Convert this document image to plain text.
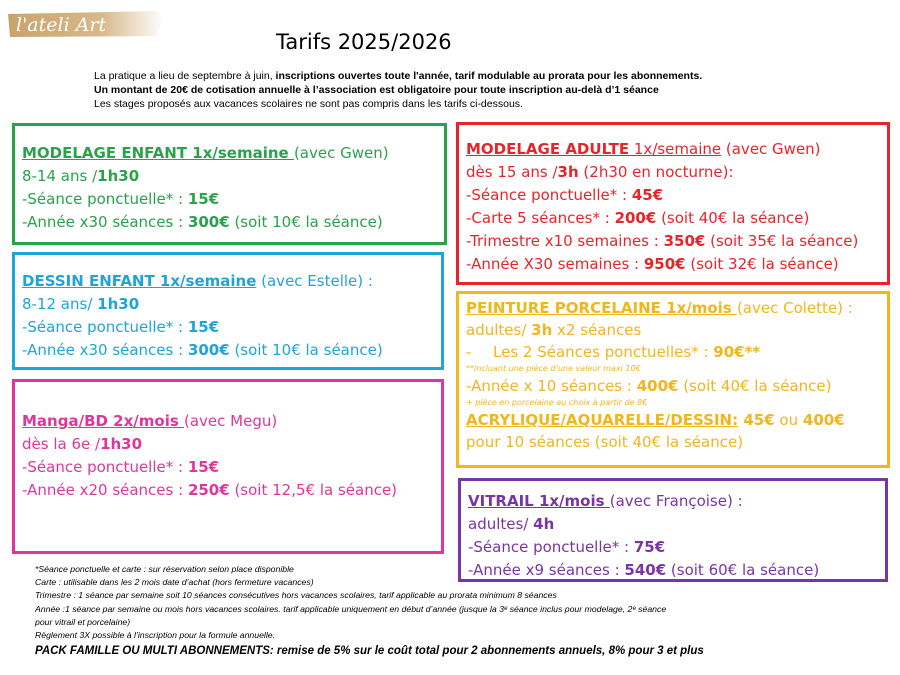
l'ateli Art
Tarifs 2025/2026
La pratique a lieu de septembre à juin, inscriptions ouvertes toute l'année, tarif modulable au prorata pour les abonnements.
Un montant de 20€ de cotisation annuelle à l’association est obligatoire pour toute inscription au-delà d’1 séance
Les stages proposés aux vacances scolaires ne sont pas compris dans les tarifs ci-dessous.
MODELAGE ENFANT 1x/semaine (avec Gwen)
8-14 ans /1h30
-Séance ponctuelle* : 15€
-Année x30 séances : 300€ (soit 10€ la séance)
DESSIN ENFANT 1x/semaine (avec Estelle) :
8-12 ans/ 1h30
-Séance ponctuelle* : 15€
-Année x30 séances : 300€ (soit 10€ la séance)
Manga/BD 2x/mois (avec Megu)
dès la 6e /1h30
-Séance ponctuelle* : 15€
-Année x20 séances : 250€ (soit 12,5€ la séance)
MODELAGE ADULTE 1x/semaine (avec Gwen)
dès 15 ans /3h (2h30 en nocturne):
-Séance ponctuelle* : 45€
-Carte 5 séances* : 200€ (soit 40€ la séance)
-Trimestre x10 semaines : 350€ (soit 35€ la séance)
-Année X30 semaines : 950€ (soit 32€ la séance)
PEINTURE PORCELAINE 1x/mois (avec Colette) :
adultes/ 3h x2 séances
- Les 2 Séances ponctuelles* : 90€**
**incluant une pièce d’une valeur maxi 10€
-Année x 10 séances : 400€ (soit 40€ la séance)
+ pièce en porcelaine au choix à partir de 8€
ACRYLIQUE/AQUARELLE/DESSIN: 45€ ou 400€
pour 10 séances (soit 40€ la séance)
VITRAIL 1x/mois (avec Françoise) :
adultes/ 4h
-Séance ponctuelle* : 75€
-Année x9 séances : 540€ (soit 60€ la séance)
*Séance ponctuelle et carte : sur réservation selon place disponible
Carte : utilisable dans les 2 mois date d’achat (hors fermeture vacances)
Trimestre : 1 séance par semaine soit 10 séances consécutives hors vacances scolaires, tarif applicable au prorata minimum 8 séances
Année :1 séance par semaine ou mois hors vacances scolaires. tarif applicable uniquement en début d’année (jusque la 3ᵉ séance inclus pour modelage, 2ᵉ séance
pour vitrail et porcelaine)
Règlement 3X possible à l’inscription pour la formule annuelle.
PACK FAMILLE OU MULTI ABONNEMENTS: remise de 5% sur le coût total pour 2 abonnements annuels, 8% pour 3 et plus
